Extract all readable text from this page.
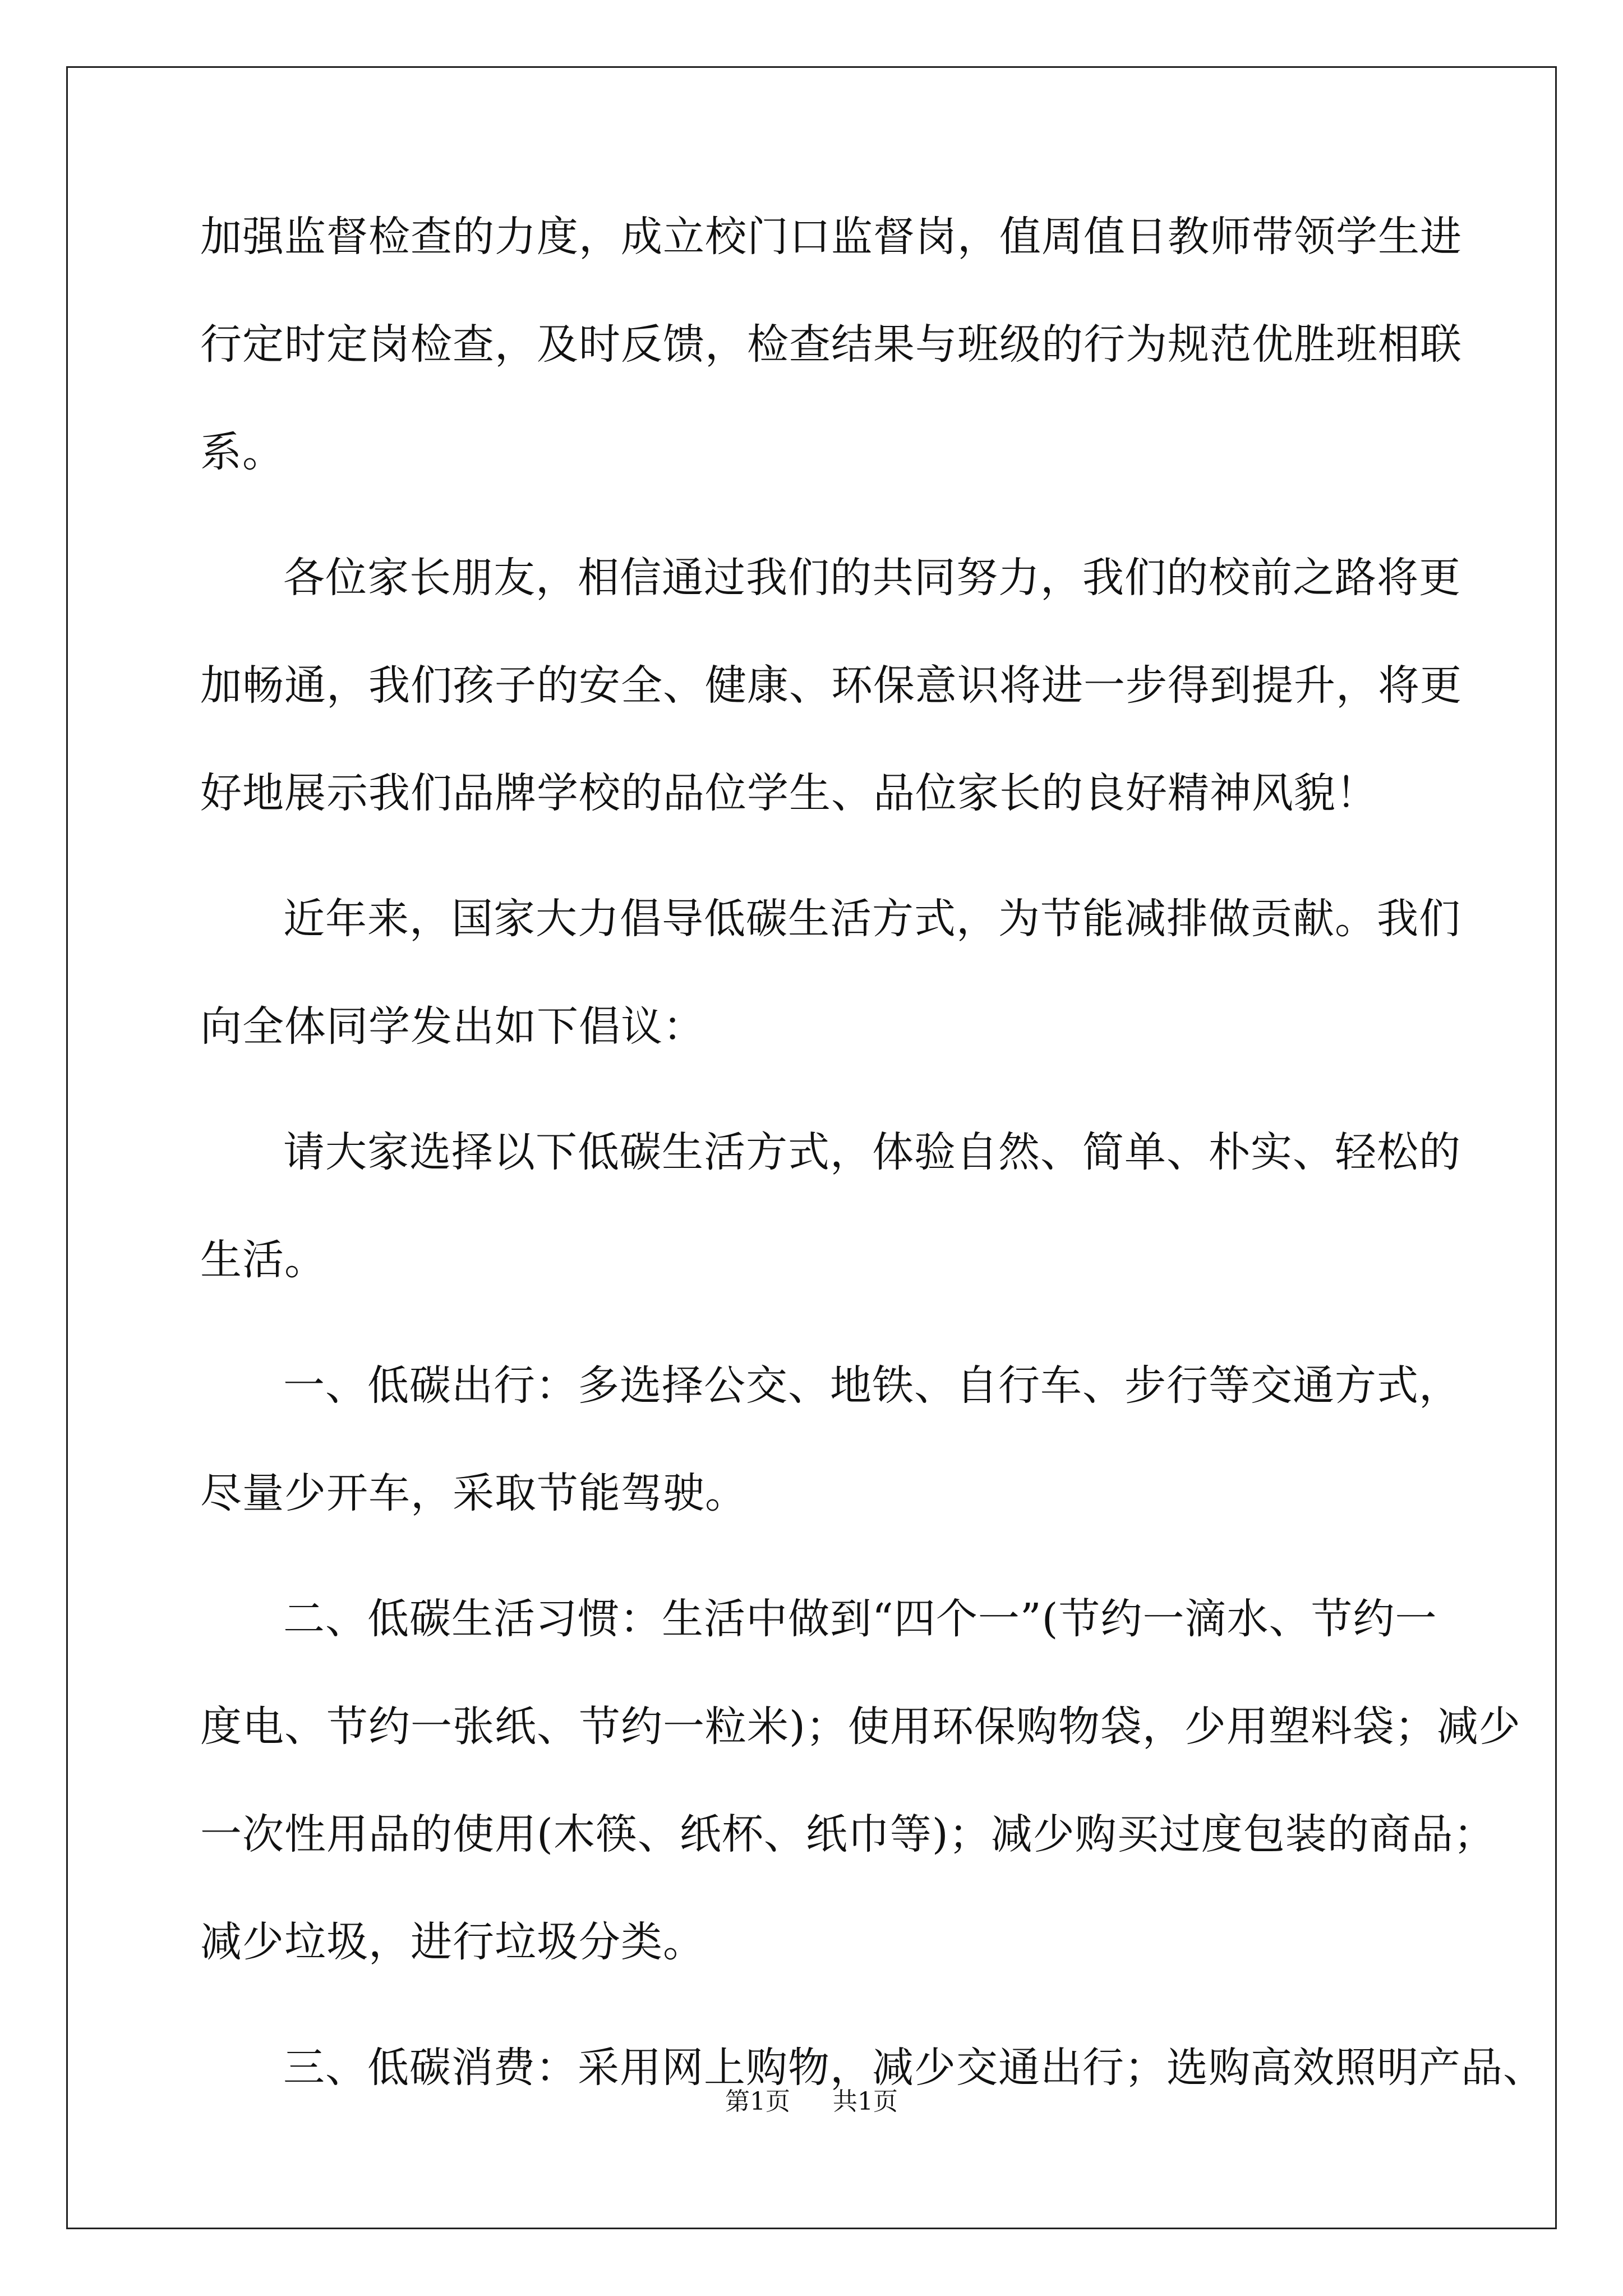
加强监督检查的力度，成立校门口监督岗，值周值日教师带领学生进
行定时定岗检查，及时反馈，检查结果与班级的行为规范优胜班相联
系。
各位家长朋友，相信通过我们的共同努力，我们的校前之路将更
加畅通，我们孩子的安全、健康、环保意识将进一步得到提升，将更
好地展示我们品牌学校的品位学生、品位家长的良好精神风貌！
近年来，国家大力倡导低碳生活方式，为节能减排做贡献。我们
向全体同学发出如下倡议：
请大家选择以下低碳生活方式，体验自然、简单、朴实、轻松的
生活。
一、低碳出行：多选择公交、地铁、自行车、步行等交通方式，
尽量少开车，采取节能驾驶。
二、低碳生活习惯：生活中做到“四个一”(节约一滴水、节约一
度电、节约一张纸、节约一粒米)；使用环保购物袋，少用塑料袋；减少
一次性用品的使用(木筷、纸杯、纸巾等)；减少购买过度包装的商品；
减少垃圾，进行垃圾分类。
三、低碳消费：采用网上购物，减少交通出行；选购高效照明产品、
第1页 共1页
